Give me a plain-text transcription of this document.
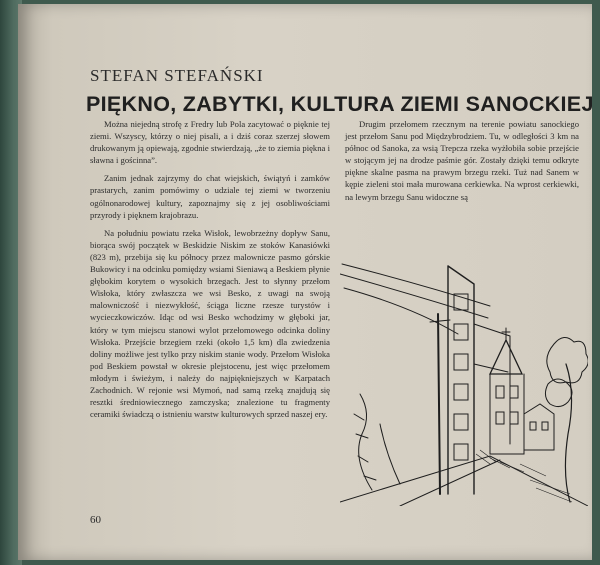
STEFAN STEFAŃSKI
PIĘKNO, ZABYTKI, KULTURA ZIEMI SANOCKIEJ

Można niejedną strofę z Fredry lub Pola zacytować o pięknie tej ziemi. Wszyscy, którzy o niej pisali, a i dziś coraz szerzej słowem drukowanym ją opiewają, zgodnie stwierdzają, „że to ziemia piękna i sławna i gościnna”.

Zanim jednak zajrzymy do chat wiejskich, świątyń i zamków prastarych, zanim pomówimy o udziale tej ziemi w tworzeniu ogólnonarodowej kultury, zapoznajmy się z jej osobliwościami przyrody i pięknem krajobrazu.

Na południu powiatu rzeka Wisłok, lewobrzeżny dopływ Sanu, biorąca swój początek w Beskidzie Niskim ze stoków Kanasiówki (823 m), przebija się ku północy przez malownicze pasmo górskie Bukowicy i na odcinku pomiędzy wsiami Sieniawą a Beskiem płynie głębokim korytem o wysokich brzegach. Jest to słynny przełom Wisłoka, który zwłaszcza we wsi Besko, z uwagi na swoją malowniczość i niezwykłość, ściąga liczne rzesze turystów i wycieczkowiczów. Idąc od wsi Besko wchodzimy w głęboki jar, który w tym miejscu stanowi wylot przełomowego odcinka doliny Wisłoka. Przejście brzegiem rzeki (około 1,5 km) dla zwiedzenia doliny możliwe jest tylko przy niskim stanie wody. Przełom Wisłoka pod Beskiem powstał w okresie plejstocenu, jest więc przełomem młodym i świeżym, i należy do najpiękniejszych w Karpatach Zachodnich. W rejonie wsi Mymoń, nad samą rzeką znajdują się resztki średniowiecznego zamczyska; znalezione tu fragmenty ceramiki świadczą o istnieniu warstw kulturowych sprzed naszej ery.

Drugim przełomem rzecznym na terenie powiatu sanockiego jest przełom Sanu pod Międzybrodziem. Tu, w odległości 3 km na północ od Sanoka, za wsią Trepcza rzeka wyżłobiła sobie przejście w stojącym jej na drodze paśmie gór. Zostały dzięki temu odkryte piękne skalne pasma na prawym brzegu rzeki. Tuż nad Sanem w kępie zieleni stoi mała murowana cerkiewka. Na wprost cerkiewki, na lewym brzegu Sanu widoczne są

60
